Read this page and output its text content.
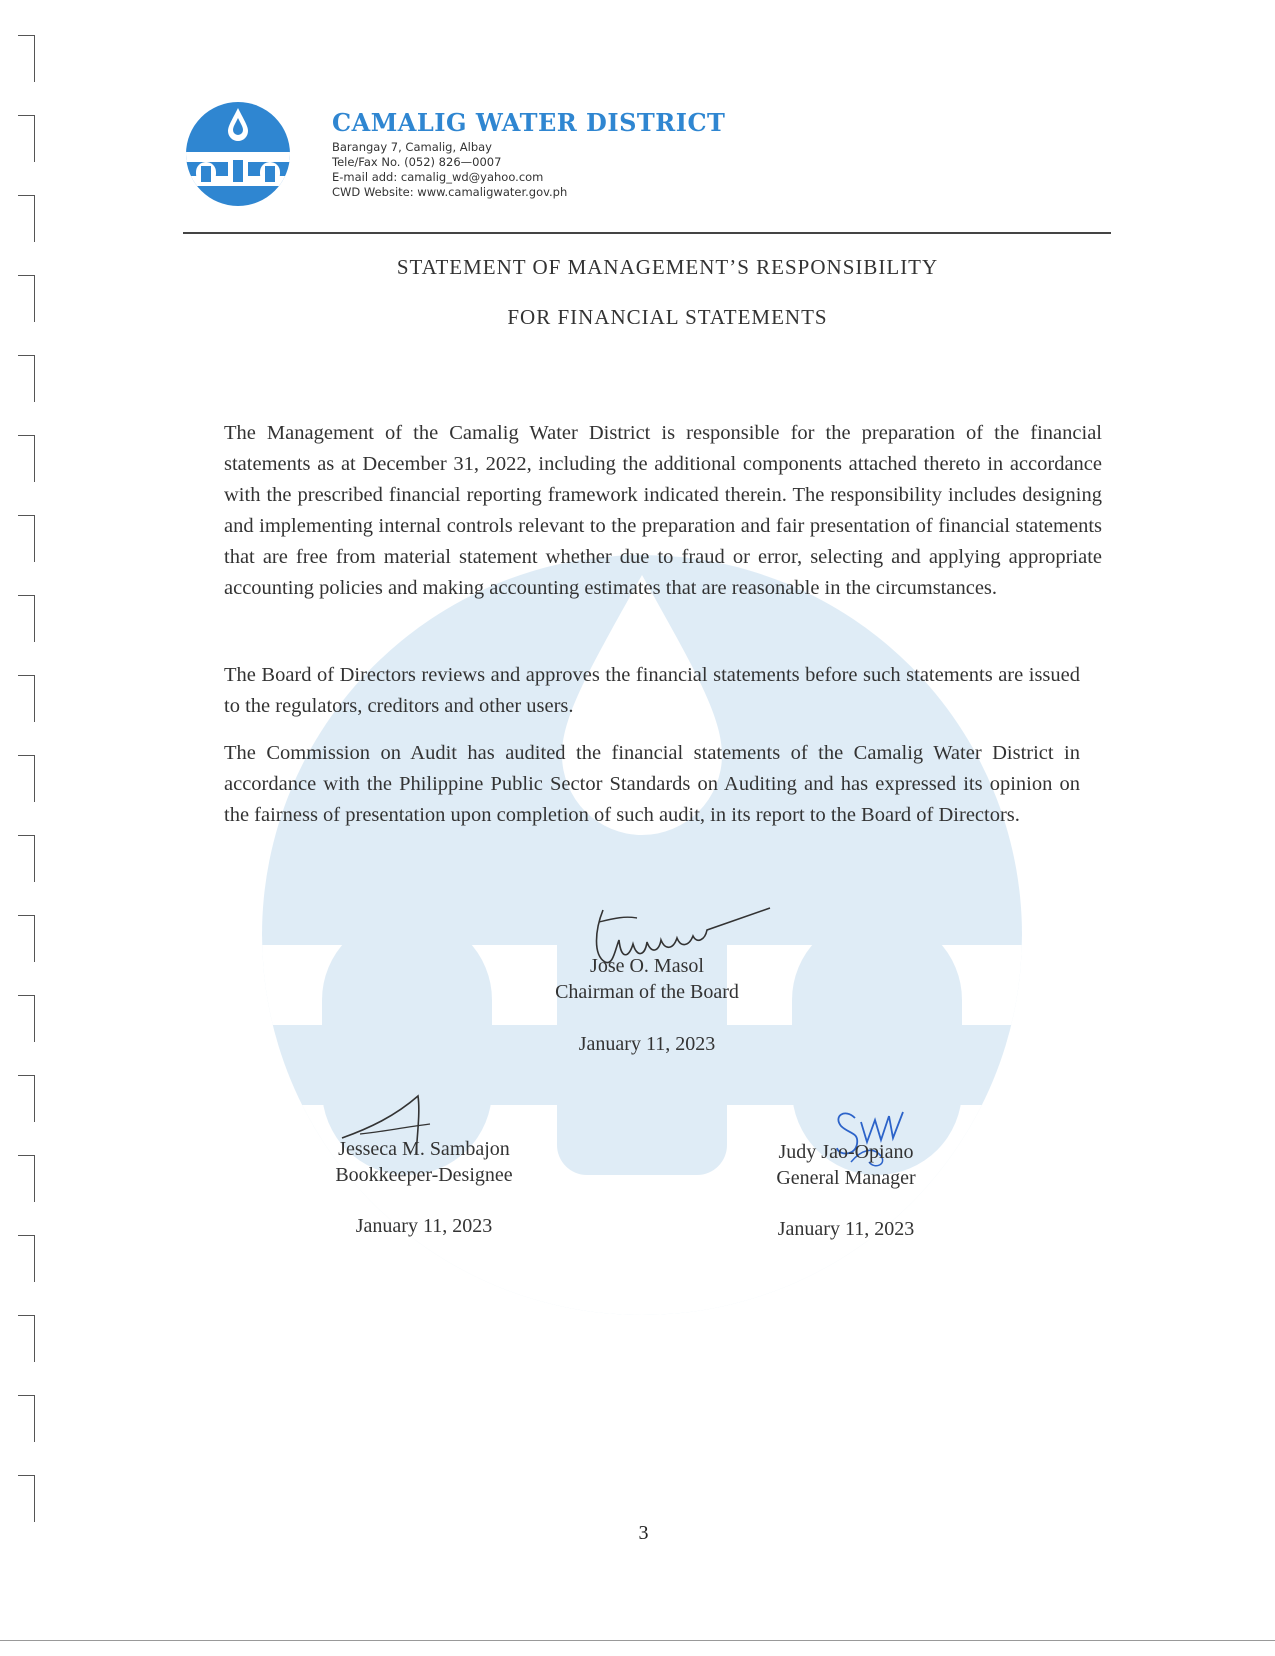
CAMALIG WATER DISTRICT
Barangay 7, Camalig, Albay
Tele/Fax No. (052) 826—0007
E-mail add: camalig_wd@yahoo.com
CWD Website: www.camaligwater.gov.ph
STATEMENT OF MANAGEMENT’S RESPONSIBILITY
FOR FINANCIAL STATEMENTS
The Management of the Camalig Water District is responsible for the preparation of the financial statements as at December 31, 2022, including the additional components attached thereto in accordance with the prescribed financial reporting framework indicated therein. The responsibility includes designing and implementing internal controls relevant to the preparation and fair presentation of financial statements that are free from material statement whether due to fraud or error, selecting and applying appropriate accounting policies and making accounting estimates that are reasonable in the circumstances.
The Board of Directors reviews and approves the financial statements before such statements are issued to the regulators, creditors and other users.
The Commission on Audit has audited the financial statements of the Camalig Water District in accordance with the Philippine Public Sector Standards on Auditing and has expressed its opinion on the fairness of presentation upon completion of such audit, in its report to the Board of Directors.
Jose O. Masol
Chairman of the Board
January 11, 2023
Jesseca M. Sambajon
Bookkeeper-Designee
January 11, 2023
Judy Jao-Opiano
General Manager
January 11, 2023
3
